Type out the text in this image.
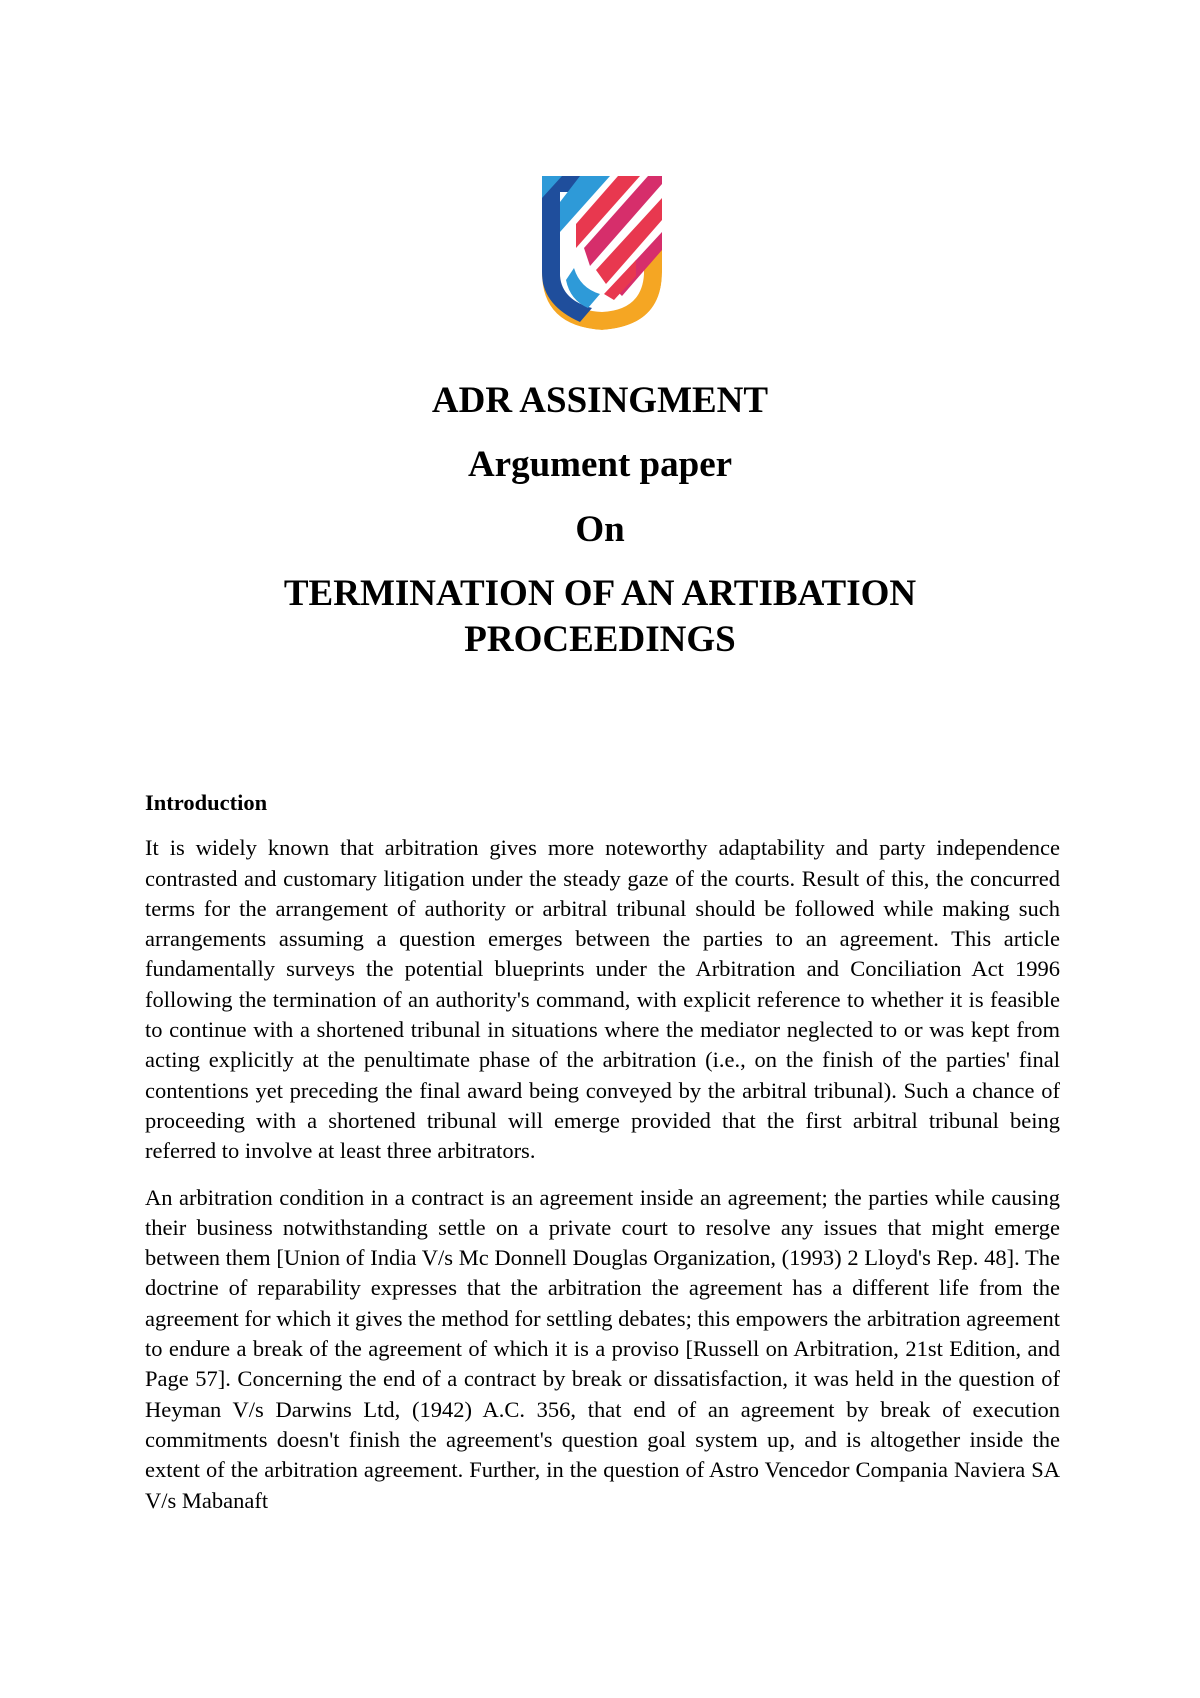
ADR ASSINGMENT

Argument paper

On

TERMINATION OF AN ARTIBATION PROCEEDINGS

Introduction

It is widely known that arbitration gives more noteworthy adaptability and party independence contrasted and customary litigation under the steady gaze of the courts. Result of this, the concurred terms for the arrangement of authority or arbitral tribunal should be followed while making such arrangements assuming a question emerges between the parties to an agreement. This article fundamentally surveys the potential blueprints under the Arbitration and Conciliation Act 1996 following the termination of an authority's command, with explicit reference to whether it is feasible to continue with a shortened tribunal in situations where the mediator neglected to or was kept from acting explicitly at the penultimate phase of the arbitration (i.e., on the finish of the parties' final contentions yet preceding the final award being conveyed by the arbitral tribunal). Such a chance of proceeding with a shortened tribunal will emerge provided that the first arbitral tribunal being referred to involve at least three arbitrators.

An arbitration condition in a contract is an agreement inside an agreement; the parties while causing their business notwithstanding settle on a private court to resolve any issues that might emerge between them [Union of India V/s Mc Donnell Douglas Organization, (1993) 2 Lloyd's Rep. 48]. The doctrine of reparability expresses that the arbitration the agreement has a different life from the agreement for which it gives the method for settling debates; this empowers the arbitration agreement to endure a break of the agreement of which it is a proviso [Russell on Arbitration, 21st Edition, and Page 57]. Concerning the end of a contract by break or dissatisfaction, it was held in the question of Heyman V/s Darwins Ltd, (1942) A.C. 356, that end of an agreement by break of execution commitments doesn't finish the agreement's question goal system up, and is altogether inside the extent of the arbitration agreement. Further, in the question of Astro Vencedor Compania Naviera SA V/s Mabanaft
